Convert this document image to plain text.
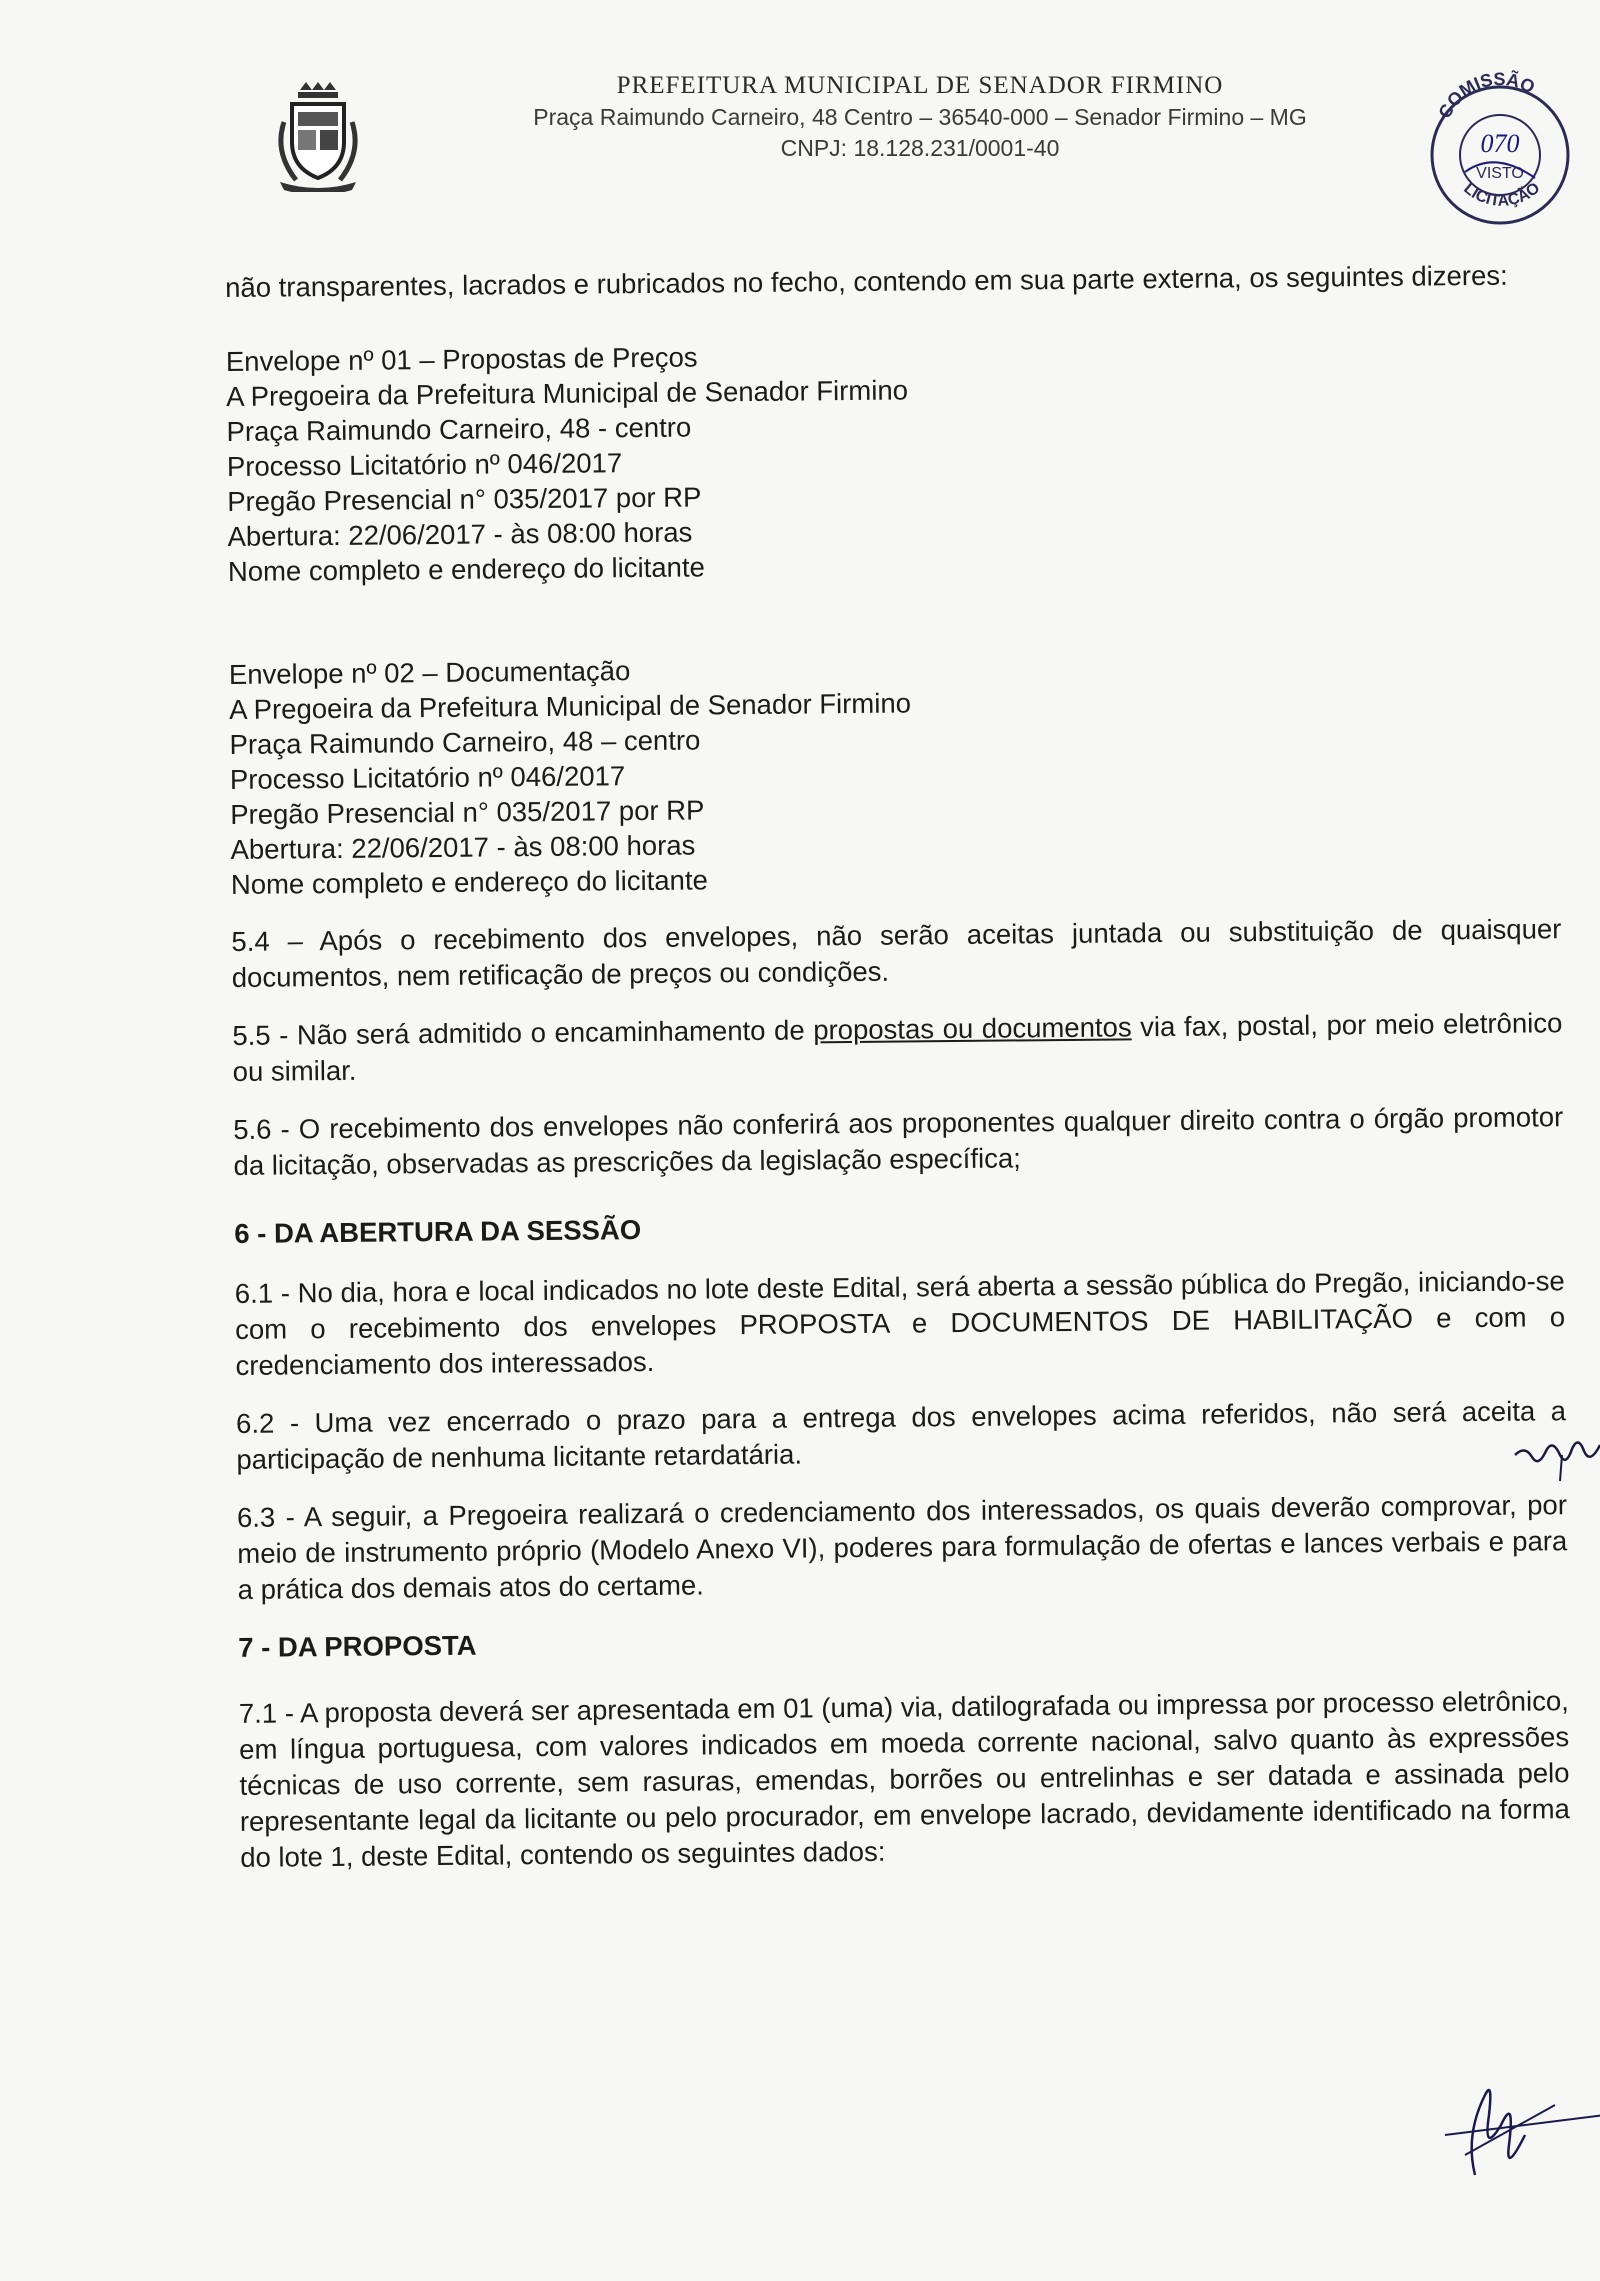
PREFEITURA MUNICIPAL DE SENADOR FIRMINO
Praça Raimundo Carneiro, 48 Centro – 36540-000 – Senador Firmino – MG
CNPJ: 18.128.231/0001-40
COMISSÃO
070
VISTO
LICITAÇÃO

não transparentes, lacrados e rubricados no fecho, contendo em sua parte externa, os seguintes dizeres:

Envelope nº 01 – Propostas de Preços

A Pregoeira da Prefeitura Municipal de Senador Firmino

Praça Raimundo Carneiro, 48 - centro

Processo Licitatório nº 046/2017

Pregão Presencial n° 035/2017 por RP

Abertura: 22/06/2017 - às 08:00 horas

Nome completo e endereço do licitante

Envelope nº 02 – Documentação

A Pregoeira da Prefeitura Municipal de Senador Firmino

Praça Raimundo Carneiro, 48 – centro

Processo Licitatório nº 046/2017

Pregão Presencial n° 035/2017 por RP

Abertura: 22/06/2017 - às 08:00 horas

Nome completo e endereço do licitante

5.4 – Após o recebimento dos envelopes, não serão aceitas juntada ou substituição de quaisquer documentos, nem retificação de preços ou condições.

5.5 - Não será admitido o encaminhamento de propostas ou documentos via fax, postal, por meio eletrônico ou similar.

5.6 - O recebimento dos envelopes não conferirá aos proponentes qualquer direito contra o órgão promotor da licitação, observadas as prescrições da legislação específica;

6 - DA ABERTURA DA SESSÃO

6.1 - No dia, hora e local indicados no lote deste Edital, será aberta a sessão pública do Pregão, iniciando-se com o recebimento dos envelopes PROPOSTA e DOCUMENTOS DE HABILITAÇÃO e com o credenciamento dos interessados.

6.2 - Uma vez encerrado o prazo para a entrega dos envelopes acima referidos, não será aceita a participação de nenhuma licitante retardatária.

6.3 - A seguir, a Pregoeira realizará o credenciamento dos interessados, os quais deverão comprovar, por meio de instrumento próprio (Modelo Anexo VI), poderes para formulação de ofertas e lances verbais e para a prática dos demais atos do certame.

7 - DA PROPOSTA

7.1 - A proposta deverá ser apresentada em 01 (uma) via, datilografada ou impressa por processo eletrônico, em língua portuguesa, com valores indicados em moeda corrente nacional, salvo quanto às expressões técnicas de uso corrente, sem rasuras, emendas, borrões ou entrelinhas e ser datada e assinada pelo representante legal da licitante ou pelo procurador, em envelope lacrado, devidamente identificado na forma do lote 1, deste Edital, contendo os seguintes dados:
